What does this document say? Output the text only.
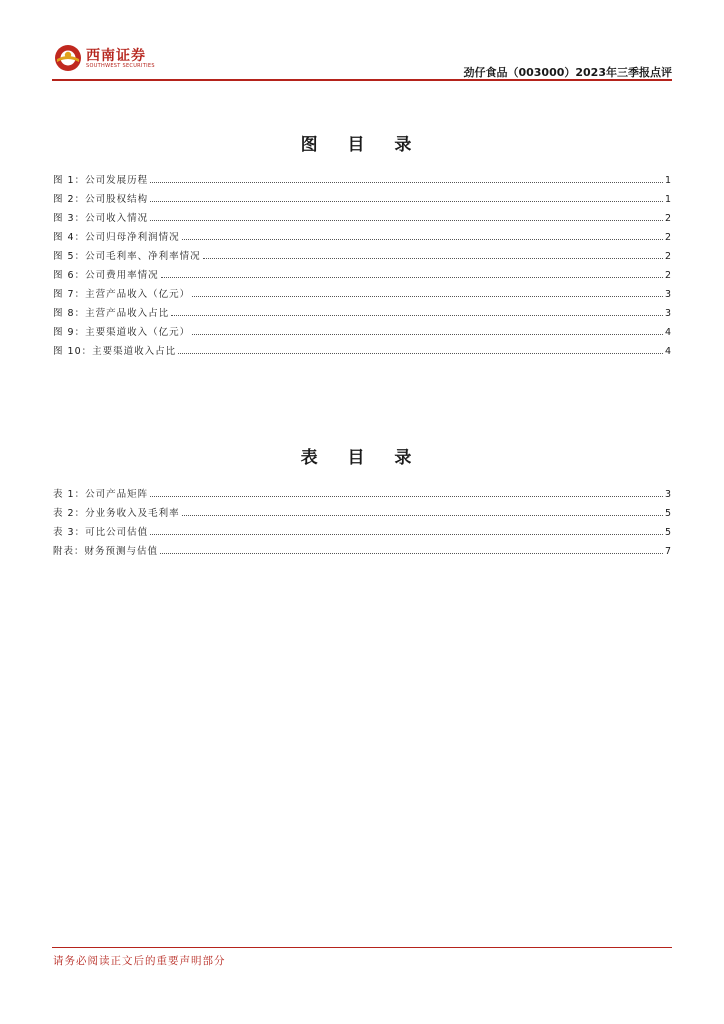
西南证券
SOUTHWEST SECURITIES	劲仔食品（003000）2023年三季报点评
图 目 录
图 1：公司发展历程	1
图 2：公司股权结构	1
图 3：公司收入情况	2
图 4：公司归母净利润情况	2
图 5：公司毛利率、净利率情况	2
图 6：公司费用率情况	2
图 7：主营产品收入（亿元）	3
图 8：主营产品收入占比	3
图 9：主要渠道收入（亿元）	4
图 10：主要渠道收入占比	4
表 目 录
表 1：公司产品矩阵	3
表 2：分业务收入及毛利率	5
表 3：可比公司估值	5
附表：财务预测与估值	7
请务必阅读正文后的重要声明部分
